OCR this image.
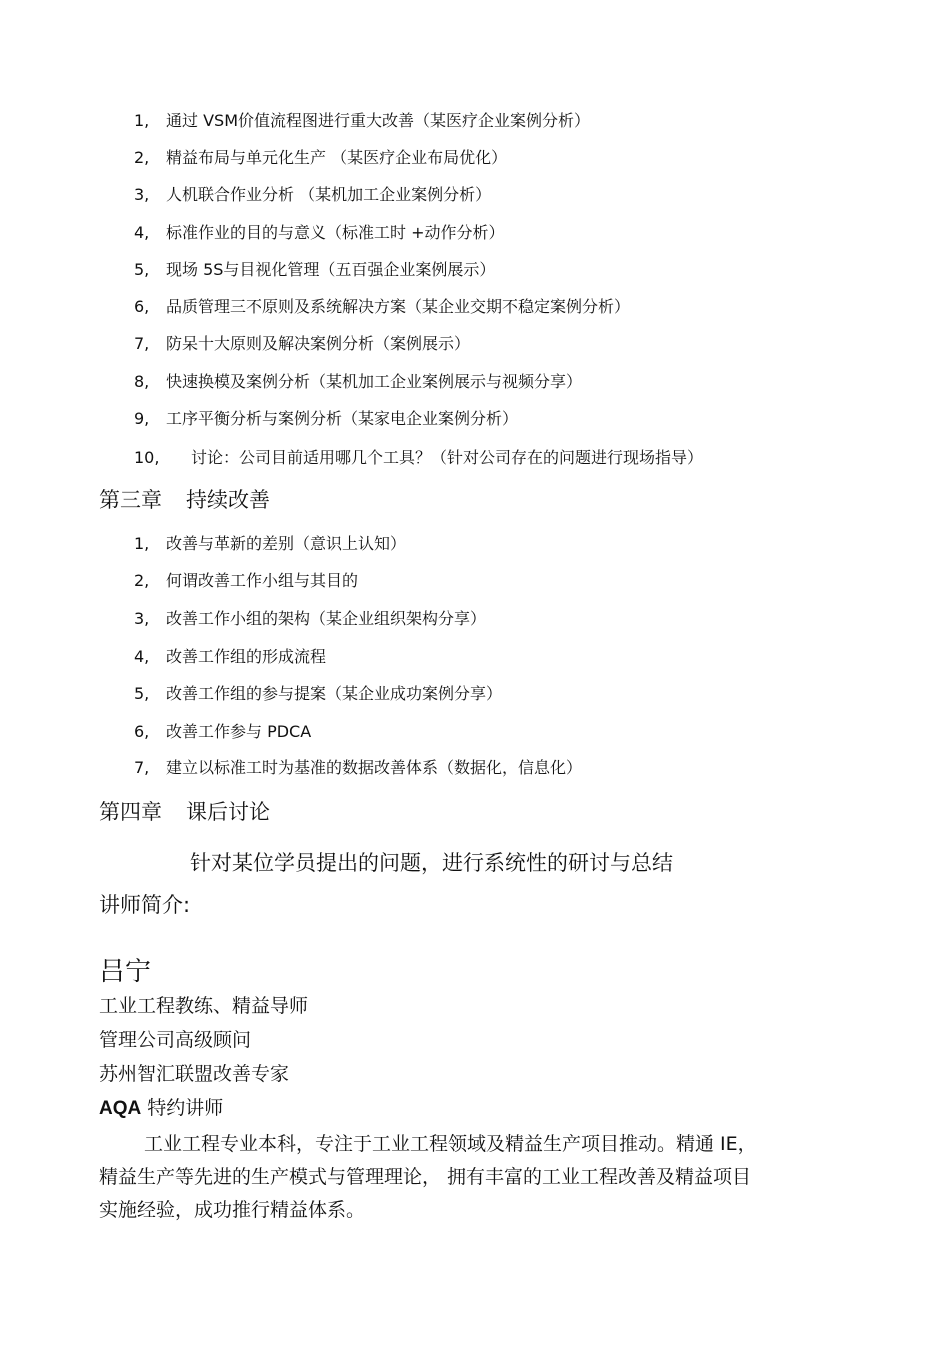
1, 通过 VSM价值流程图进行重大改善（某医疗企业案例分析）
2, 精益布局与单元化生产 （某医疗企业布局优化）
3, 人机联合作业分析 （某机加工企业案例分析）
4, 标准作业的目的与意义（标准工时 +动作分析）
5, 现场 5S与目视化管理（五百强企业案例展示）
6, 品质管理三不原则及系统解决方案（某企业交期不稳定案例分析）
7, 防呆十大原则及解决案例分析（案例展示）
8, 快速换模及案例分析（某机加工企业案例展示与视频分享）
9, 工序平衡分析与案例分析（某家电企业案例分析）
10, 讨论：公司目前适用哪几个工具？（针对公司存在的问题进行现场指导）
第三章 持续改善
1, 改善与革新的差别（意识上认知）
2, 何谓改善工作小组与其目的
3, 改善工作小组的架构（某企业组织架构分享）
4, 改善工作组的形成流程
5, 改善工作组的参与提案（某企业成功案例分享）
6, 改善工作参与 PDCA
7, 建立以标准工时为基准的数据改善体系（数据化，信息化）
第四章 课后讨论
针对某位学员提出的问题，进行系统性的研讨与总结
讲师简介:
吕宁
工业工程教练、精益导师
管理公司高级顾问
苏州智汇联盟改善专家
AQA 特约讲师

工业工程专业本科，专注于工业工程领域及精益生产项目推动。精通 IE，

精益生产等先进的生产模式与管理理论， 拥有丰富的工业工程改善及精益项目

实施经验，成功推行精益体系。
